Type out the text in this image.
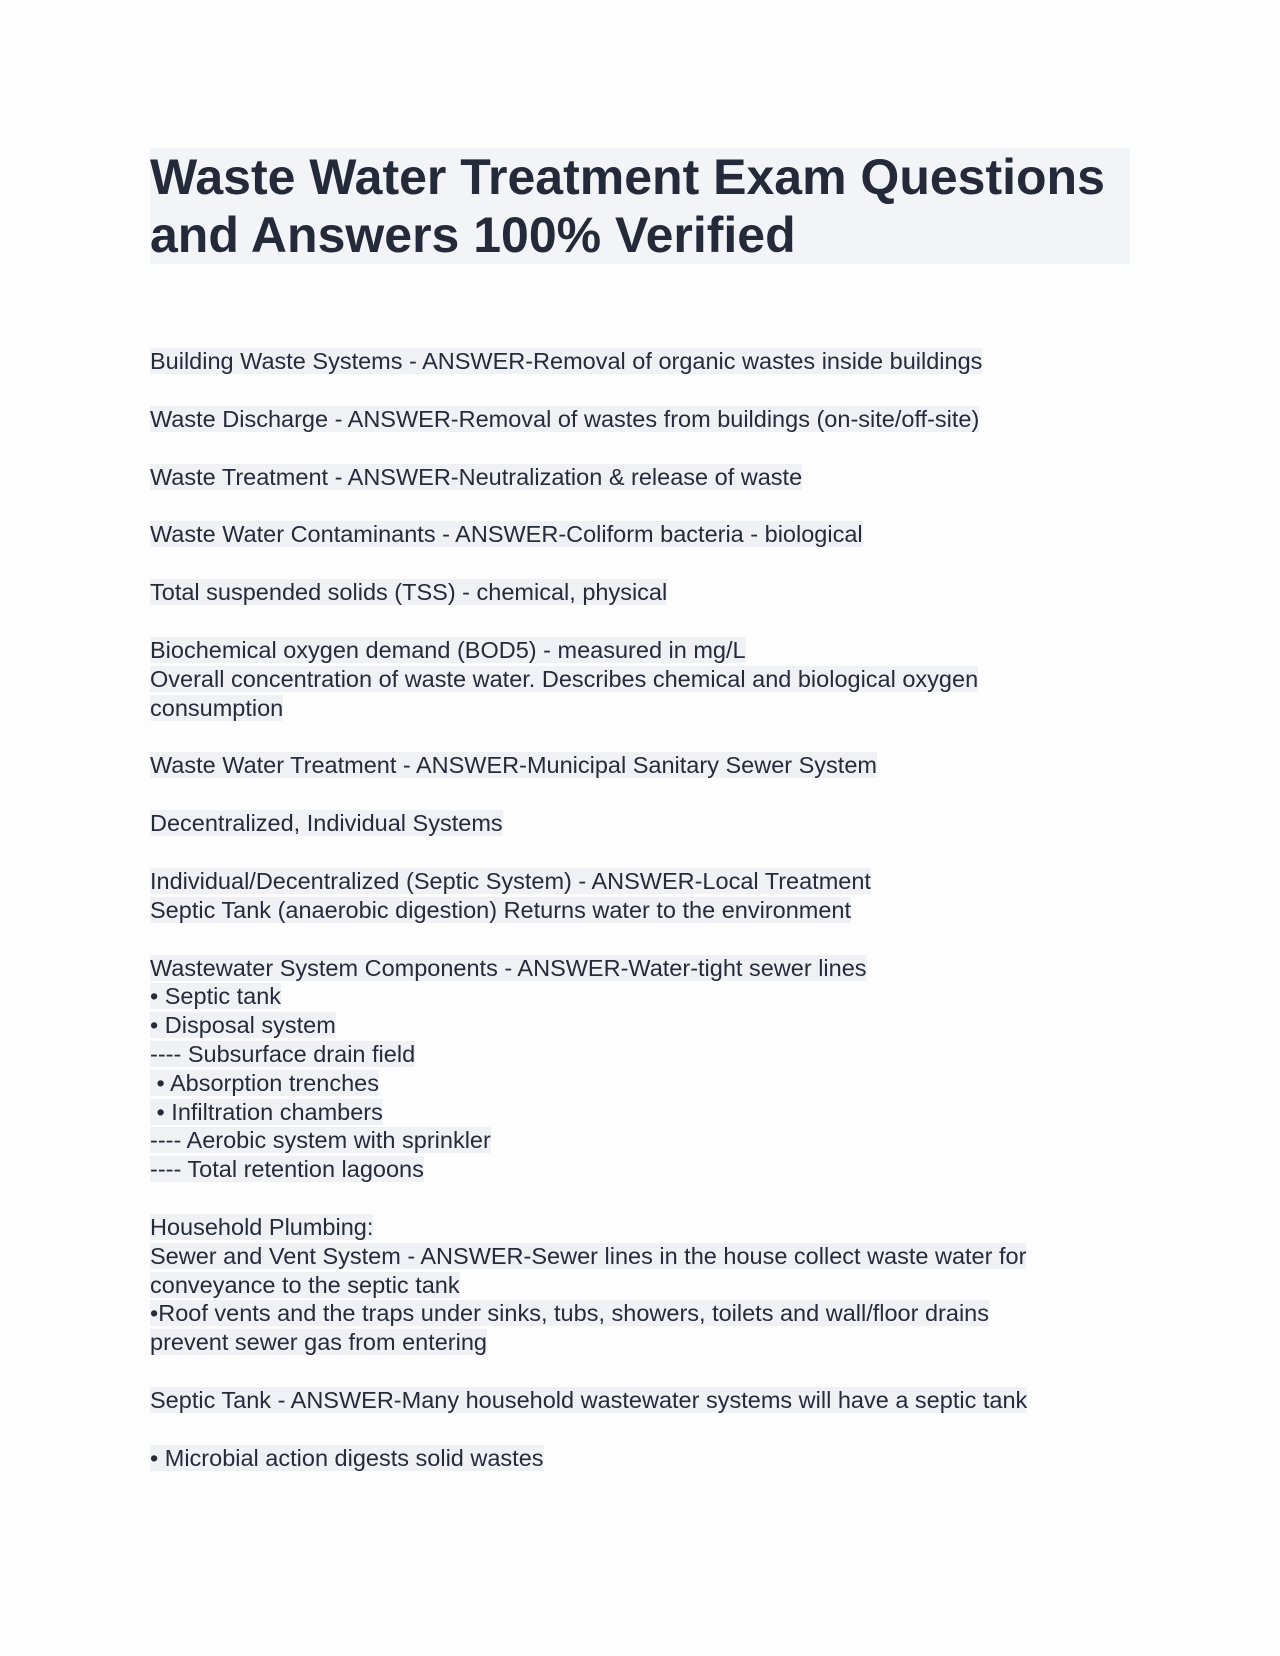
Waste Water Treatment Exam Questions
and Answers 100% Verified

Building Waste Systems - ANSWER-Removal of organic wastes inside buildings

Waste Discharge - ANSWER-Removal of wastes from buildings (on-site/off-site)

Waste Treatment - ANSWER-Neutralization & release of waste

Waste Water Contaminants - ANSWER-Coliform bacteria - biological

Total suspended solids (TSS) - chemical, physical

Biochemical oxygen demand (BOD5) - measured in mg/L
Overall concentration of waste water. Describes chemical and biological oxygen
consumption

Waste Water Treatment - ANSWER-Municipal Sanitary Sewer System

Decentralized, Individual Systems

Individual/Decentralized (Septic System) - ANSWER-Local Treatment
Septic Tank (anaerobic digestion) Returns water to the environment

Wastewater System Components - ANSWER-Water-tight sewer lines
• Septic tank
• Disposal system
---- Subsurface drain field
• Absorption trenches
• Infiltration chambers
---- Aerobic system with sprinkler
---- Total retention lagoons

Household Plumbing:
Sewer and Vent System - ANSWER-Sewer lines in the house collect waste water for
conveyance to the septic tank
•Roof vents and the traps under sinks, tubs, showers, toilets and wall/floor drains
prevent sewer gas from entering

Septic Tank - ANSWER-Many household wastewater systems will have a septic tank

• Microbial action digests solid wastes
